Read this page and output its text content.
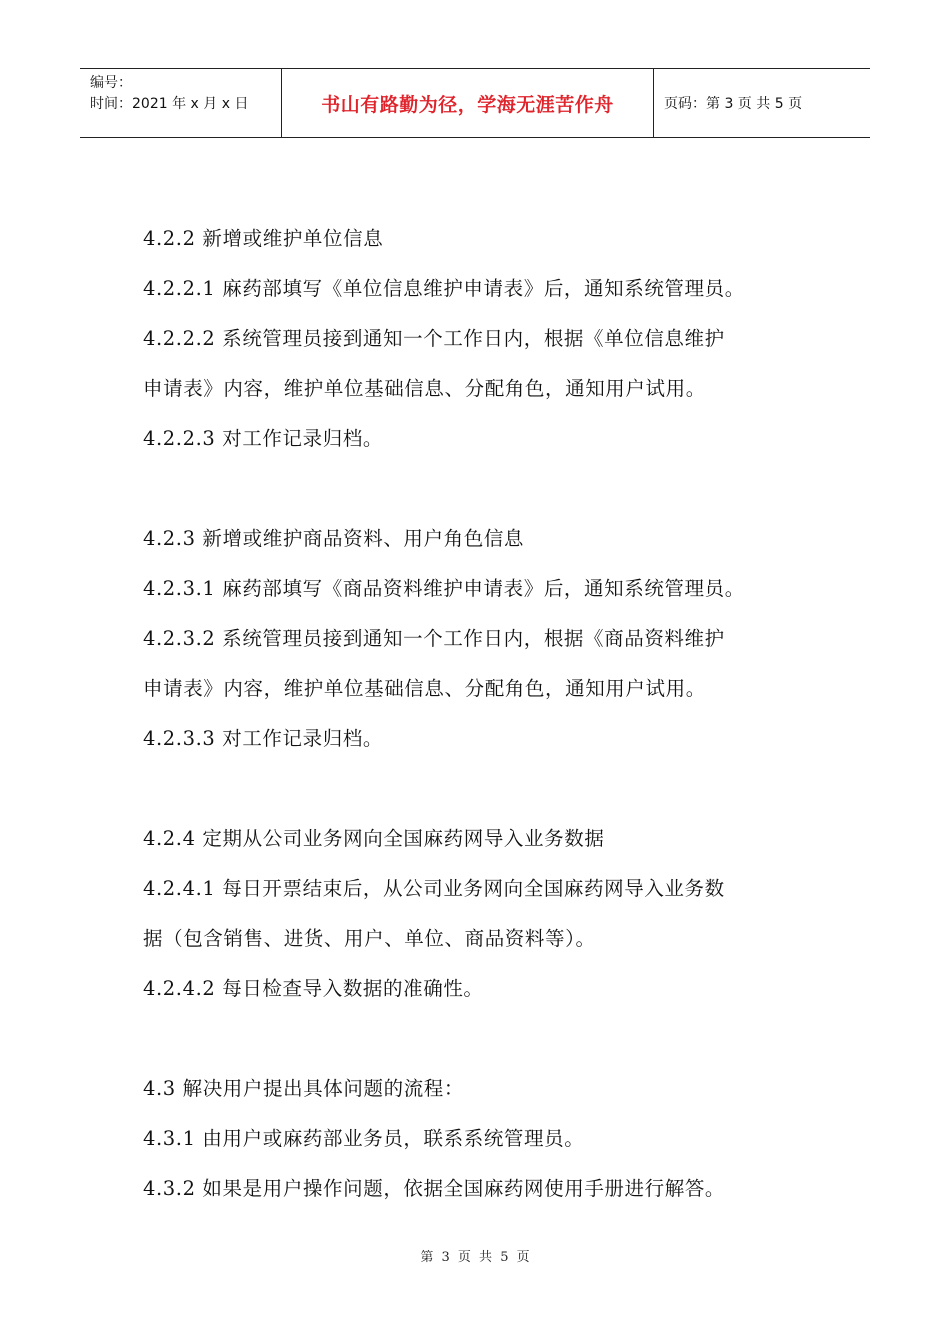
编号：
时间：2021 年 x 月 x 日	书山有路勤为径，学海无涯苦作舟	页码：第 3 页 共 5 页

4.2.2 新增或维护单位信息

4.2.2.1 麻药部填写《单位信息维护申请表》后，通知系统管理员。

4.2.2.2 系统管理员接到通知一个工作日内，根据《单位信息维护

申请表》内容，维护单位基础信息、分配角色，通知用户试用。

4.2.2.3 对工作记录归档。

4.2.3 新增或维护商品资料、用户角色信息

4.2.3.1 麻药部填写《商品资料维护申请表》后，通知系统管理员。

4.2.3.2 系统管理员接到通知一个工作日内，根据《商品资料维护

申请表》内容，维护单位基础信息、分配角色，通知用户试用。

4.2.3.3 对工作记录归档。

4.2.4 定期从公司业务网向全国麻药网导入业务数据

4.2.4.1 每日开票结束后，从公司业务网向全国麻药网导入业务数

据（包含销售、进货、用户、单位、商品资料等）。

4.2.4.2 每日检查导入数据的准确性。

4.3 解决用户提出具体问题的流程：

4.3.1 由用户或麻药部业务员，联系系统管理员。

4.3.2 如果是用户操作问题，依据全国麻药网使用手册进行解答。

第 3 页 共 5 页
